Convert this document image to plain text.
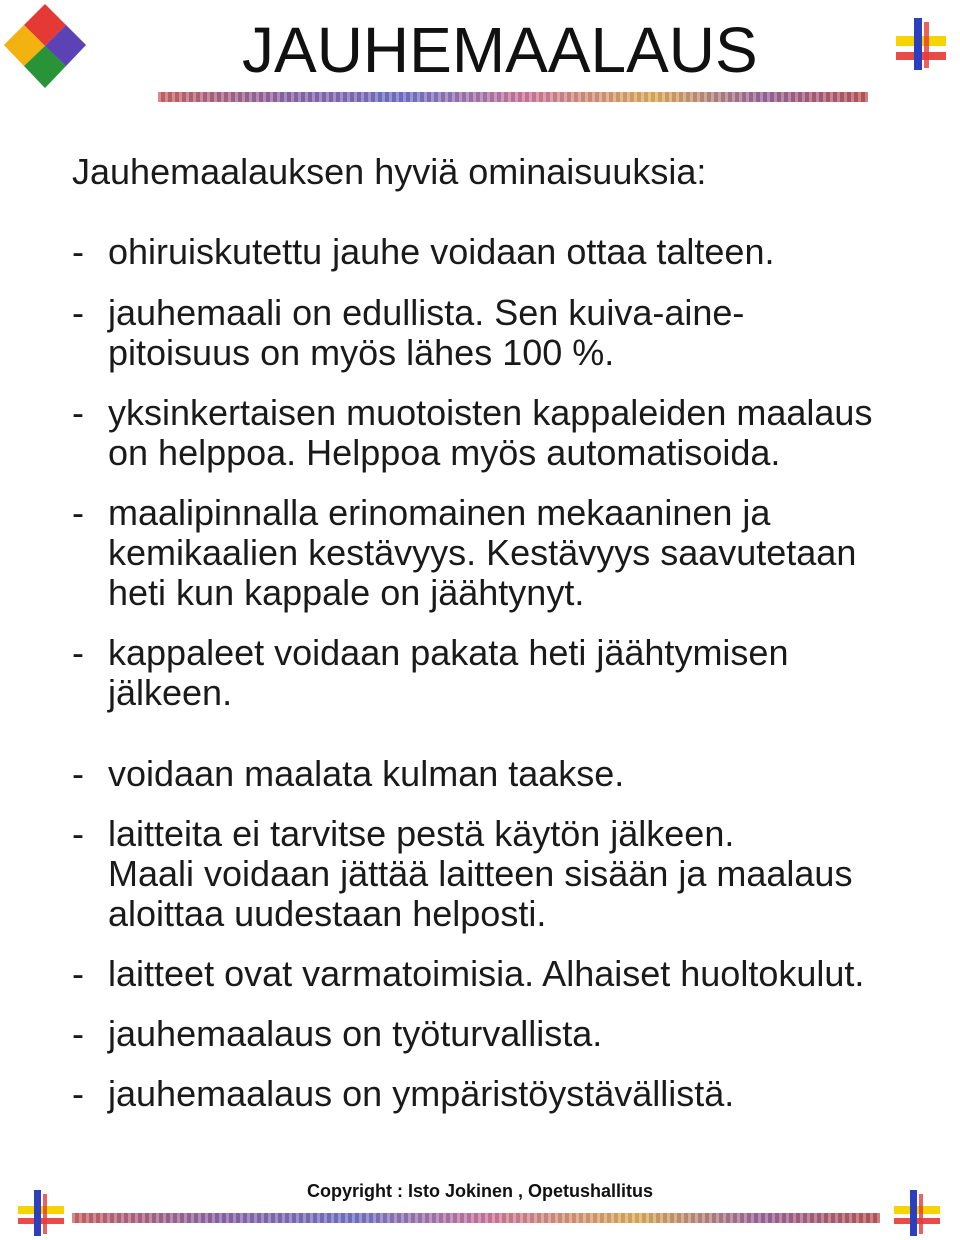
JAUHEMAALAUS
Jauhemaalauksen hyviä ominaisuuksia:
- ohiruiskutettu jauhe voidaan ottaa talteen.
- jauhemaali on edullista. Sen kuiva-aine-
pitoisuus on myös lähes 100 %.
- yksinkertaisen muotoisten kappaleiden maalaus
on helppoa. Helppoa myös automatisoida.
- maalipinnalla erinomainen mekaaninen ja
kemikaalien kestävyys. Kestävyys saavutetaan
heti kun kappale on jäähtynyt.
- kappaleet voidaan pakata heti jäähtymisen
jälkeen.
- voidaan maalata kulman taakse.
- laitteita ei tarvitse pestä käytön jälkeen.
Maali voidaan jättää laitteen sisään ja maalaus
aloittaa uudestaan helposti.
- laitteet ovat varmatoimisia. Alhaiset huoltokulut.
- jauhemaalaus on työturvallista.
- jauhemaalaus on ympäristöystävällistä.
Copyright : Isto Jokinen , Opetushallitus
